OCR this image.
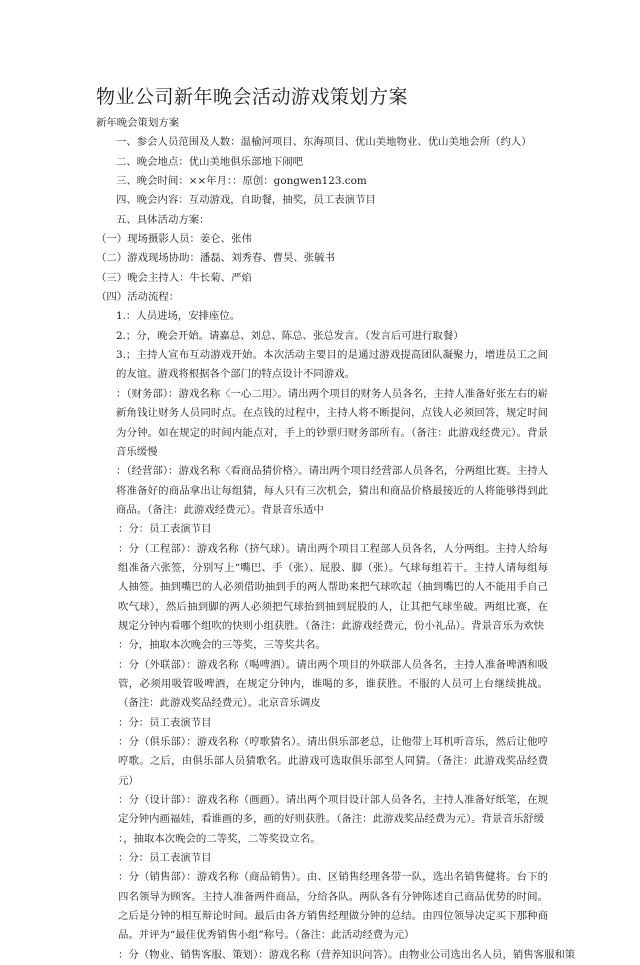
物业公司新年晚会活动游戏策划方案

新年晚会策划方案

一、参会人员范围及人数：温榆河项目、东海项目、优山美地物业、优山美地会所（约人）

二、晚会地点：优山美地俱乐部地下闹吧

三、晚会时间：××年月：：原创：gongwen123.com

四、晚会内容：互动游戏，自助餐，抽奖，员工表演节目

五、具体活动方案：

（一）现场摄影人员：姜仑、张伟

（二）游戏现场协助：潘磊、刘秀春、曹昊、张毓书

（三）晚会主持人：牛长菊、严焰

（四）活动流程：

1.：人员进场，安排座位。

2.；分，晚会开始。请嘉总、刘总、陈总、张总发言。（发言后可进行取餐）

3.；主持人宣布互动游戏开始。本次活动主要目的是通过游戏提高团队凝聚力，增进员工之间的友谊。游戏将根据各个部门的特点设计不同游戏。

：（财务部）：游戏名称〈一心二用〉。请出两个项目的财务人员各名，主持人准备好张左右的崭新角钱让财务人员同时点。在点钱的过程中，主持人将不断提问，点钱人必须回答，规定时间为分钟。如在规定的时间内能点对，手上的钞票归财务部所有。（备注：此游戏经费元）。背景音乐缓慢

：（经营部）：游戏名称〈看商品猜价格〉。请出两个项目经营部人员各名，分两组比赛。主持人将准备好的商品拿出让每组猜，每人只有三次机会，猜出和商品价格最接近的人将能够得到此商品。（备注：此游戏经费元）。背景音乐适中

：分：员工表演节目

：分（工程部）：游戏名称（挤气球）。请出两个项目工程部人员各名，人分两组。主持人给每组准备六张签，分别写上“嘴巴、手（张）、屁股、脚（张）。气球每组若干。主持人请每组每人抽签。抽到嘴巴的人必须借助抽到手的两人帮助来把气球吹起（抽到嘴巴的人不能用手自己吹气球），然后抽到脚的两人必须把气球抬到抽到屁股的人，让其把气球坐破。两组比赛，在规定分钟内看哪个组吹的快则小组获胜。（备注：此游戏经费元，份小礼品）。背景音乐为欢快

：分，抽取本次晚会的三等奖，三等奖共名。

：分（外联部）：游戏名称（喝啤酒）。请出两个项目的外联部人员各名，主持人准备啤酒和吸管，必须用吸管吸啤酒，在规定分钟内，谁喝的多，谁获胜。不服的人员可上台继续挑战。（备注：此游戏奖品经费元）。北京音乐调皮

：分：员工表演节目

：分（俱乐部）：游戏名称（哼歌猜名）。请出俱乐部老总，让他带上耳机听音乐，然后让他哼哼歌。之后，由俱乐部人员猜歌名。此游戏可选取俱乐部至人同猜。（备注：此游戏奖品经费元）

：分（设计部）：游戏名称（画画）。请出两个项目设计部人员各名，主持人准备好纸笔，在规定分钟内画福娃，看谁画的多，画的好则获胜。（备注：此游戏奖品经费为元）。背景音乐舒缓

：，抽取本次晚会的二等奖，二等奖设立名。

：分：员工表演节目

：分（销售部）：游戏名称（商品销售）。由、区销售经理各带一队，选出名销售健将。台下的四名领导为顾客。主持人准备两件商品，分给各队。两队各有分钟陈述自己商品优势的时间。之后是分钟的相互辩论时间。最后由各方销售经理做分钟的总结。由四位领导决定买下那种商品。并评为“最佳优秀销售小组”称号。（备注：此活动经费为元）

：分（物业、销售客服、策划）：游戏名称（营养知识问答）。由物业公司选出名人员，销售客服和策
